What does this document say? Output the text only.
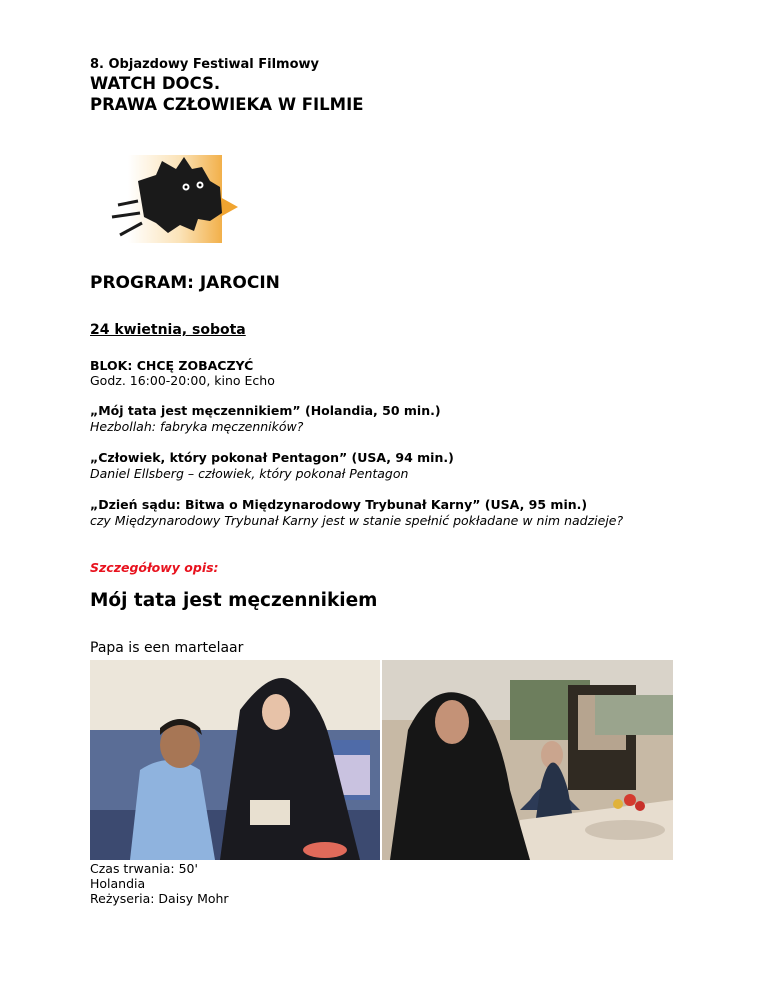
8. Objazdowy Festiwal Filmowy
WATCH DOCS.
PRAWA CZŁOWIEKA W FILMIE
PROGRAM: JAROCIN
24 kwietnia, sobota
BLOK: CHCĘ ZOBACZYĆ
Godz. 16:00-20:00, kino Echo
„Mój tata jest męczennikiem” (Holandia, 50 min.)
Hezbollah: fabryka męczenników?
„Człowiek, który pokonał Pentagon” (USA, 94 min.)
Daniel Ellsberg – człowiek, który pokonał Pentagon
„Dzień sądu: Bitwa o Międzynarodowy Trybunał Karny” (USA, 95 min.)
czy Międzynarodowy Trybunał Karny jest w stanie spełnić pokładane w nim nadzieje?
Szczegółowy opis:
Mój tata jest męczennikiem
Papa is een martelaar
Czas trwania: 50'
Holandia
Reżyseria: Daisy Mohr
